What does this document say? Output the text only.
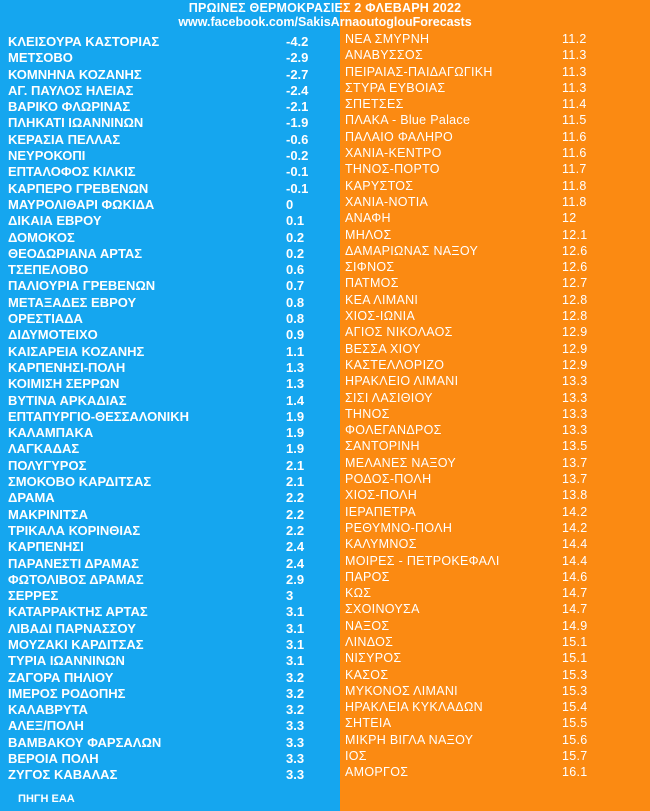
ΠΡΩΙΝΕΣ ΘΕΡΜΟΚΡΑΣΙΕΣ 2 ΦΛΕΒΑΡΗ 2022
www.facebook.com/SakisArnaoutoglouForecasts
ΚΛΕΙΣΟΥΡΑ ΚΑΣΤΟΡΙΑΣ	-4.2
ΜΕΤΣΟΒΟ	-2.9
ΚΟΜΝΗΝΑ ΚΟΖΑΝΗΣ	-2.7
ΑΓ. ΠΑΥΛΟΣ ΗΛΕΙΑΣ	-2.4
ΒΑΡΙΚΟ ΦΛΩΡΙΝΑΣ	-2.1
ΠΛΗΚΑΤΙ ΙΩΑΝΝΙΝΩΝ	-1.9
ΚΕΡΑΣΙΑ ΠΕΛΛΑΣ	-0.6
ΝΕΥΡΟΚΟΠΙ	-0.2
ΕΠΤΑΛΟΦΟΣ ΚΙΛΚΙΣ	-0.1
ΚΑΡΠΕΡΟ ΓΡΕΒΕΝΩΝ	-0.1
ΜΑΥΡΟΛΙΘΑΡΙ ΦΩΚΙΔΑ	0
ΔΙΚΑΙΑ ΕΒΡΟΥ	0.1
ΔΟΜΟΚΟΣ	0.2
ΘΕΟΔΩΡΙΑΝΑ ΑΡΤΑΣ	0.2
ΤΣΕΠΕΛΟΒΟ	0.6
ΠΑΛΙΟΥΡΙΑ ΓΡΕΒΕΝΩΝ	0.7
ΜΕΤΑΞΑΔΕΣ ΕΒΡΟΥ	0.8
ΟΡΕΣΤΙΑΔΑ	0.8
ΔΙΔΥΜΟΤΕΙΧΟ	0.9
ΚΑΙΣΑΡΕΙΑ ΚΟΖΑΝΗΣ	1.1
ΚΑΡΠΕΝΗΣΙ-ΠΟΛΗ	1.3
ΚΟΙΜΙΣΗ ΣΕΡΡΩΝ	1.3
ΒΥΤΙΝΑ ΑΡΚΑΔΙΑΣ	1.4
ΕΠΤΑΠΥΡΓΙΟ-ΘΕΣΣΑΛΟΝΙΚΗ	1.9
ΚΑΛΑΜΠΑΚΑ	1.9
ΛΑΓΚΑΔΑΣ	1.9
ΠΟΛΥΓΥΡΟΣ	2.1
ΣΜΟΚΟΒΟ ΚΑΡΔΙΤΣΑΣ	2.1
ΔΡΑΜΑ	2.2
ΜΑΚΡΙΝΙΤΣΑ	2.2
ΤΡΙΚΑΛΑ ΚΟΡΙΝΘΙΑΣ	2.2
ΚΑΡΠΕΝΗΣΙ	2.4
ΠΑΡΑΝΕΣΤΙ ΔΡΑΜΑΣ	2.4
ΦΩΤΟΛΙΒΟΣ ΔΡΑΜΑΣ	2.9
ΣΕΡΡΕΣ	3
ΚΑΤΑΡΡΑΚΤΗΣ ΑΡΤΑΣ	3.1
ΛΙΒΑΔΙ ΠΑΡΝΑΣΣΟΥ	3.1
ΜΟΥΖΑΚΙ ΚΑΡΔΙΤΣΑΣ	3.1
ΤΥΡΙΑ ΙΩΑΝΝΙΝΩΝ	3.1
ΖΑΓΟΡΑ ΠΗΛΙΟΥ	3.2
ΙΜΕΡΟΣ ΡΟΔΟΠΗΣ	3.2
ΚΑΛΑΒΡΥΤΑ	3.2
ΑΛΕΞ/ΠΟΛΗ	3.3
ΒΑΜΒΑΚΟΥ ΦΑΡΣΑΛΩΝ	3.3
ΒΕΡΟΙΑ ΠΟΛΗ	3.3
ΖΥΓΟΣ ΚΑΒΑΛΑΣ	3.3
ΝΕΑ ΣΜΥΡΝΗ	11.2
ΑΝΑΒΥΣΣΟΣ	11.3
ΠΕΙΡΑΙΑΣ-ΠΑΙΔΑΓΩΓΙΚΗ	11.3
ΣΤΥΡΑ ΕΥΒΟΙΑΣ	11.3
ΣΠΕΤΣΕΣ	11.4
ΠΛΑΚΑ - Blue Palace	11.5
ΠΑΛΑΙΟ ΦΑΛΗΡΟ	11.6
ΧΑΝΙΑ-ΚΕΝΤΡΟ	11.6
ΤΗΝΟΣ-ΠΟΡΤΟ	11.7
ΚΑΡΥΣΤΟΣ	11.8
ΧΑΝΙΑ-ΝΟΤΙΑ	11.8
ΑΝΑΦΗ	12
ΜΗΛΟΣ	12.1
ΔΑΜΑΡΙΩΝΑΣ ΝΑΞΟΥ	12.6
ΣΙΦΝΟΣ	12.6
ΠΑΤΜΟΣ	12.7
ΚΕΑ ΛΙΜΑΝΙ	12.8
ΧΙΟΣ-ΙΩΝΙΑ	12.8
ΑΓΙΟΣ ΝΙΚΟΛΑΟΣ	12.9
ΒΕΣΣΑ ΧΙΟΥ	12.9
ΚΑΣΤΕΛΛΟΡΙΖΟ	12.9
ΗΡΑΚΛΕΙΟ ΛΙΜΑΝΙ	13.3
ΣΙΣΙ ΛΑΣΙΘΙΟΥ	13.3
ΤΗΝΟΣ	13.3
ΦΟΛΕΓΑΝΔΡΟΣ	13.3
ΣΑΝΤΟΡΙΝΗ	13.5
ΜΕΛΑΝΕΣ ΝΑΞΟΥ	13.7
ΡΟΔΟΣ-ΠΟΛΗ	13.7
ΧΙΟΣ-ΠΟΛΗ	13.8
ΙΕΡΑΠΕΤΡΑ	14.2
ΡΕΘΥΜΝΟ-ΠΟΛΗ	14.2
ΚΑΛΥΜΝΟΣ	14.4
ΜΟΙΡΕΣ - ΠΕΤΡΟΚΕΦΑΛΙ	14.4
ΠΑΡΟΣ	14.6
ΚΩΣ	14.7
ΣΧΟΙΝΟΥΣΑ	14.7
ΝΑΞΟΣ	14.9
ΛΙΝΔΟΣ	15.1
ΝΙΣΥΡΟΣ	15.1
ΚΑΣΟΣ	15.3
ΜΥΚΟΝΟΣ ΛΙΜΑΝΙ	15.3
ΗΡΑΚΛΕΙΑ ΚΥΚΛΑΔΩΝ	15.4
ΣΗΤΕΙΑ	15.5
ΜΙΚΡΗ ΒΙΓΛΑ ΝΑΞΟΥ	15.6
ΙΟΣ	15.7
ΑΜΟΡΓΟΣ	16.1
ΠΗΓΗ ΕΑΑ
